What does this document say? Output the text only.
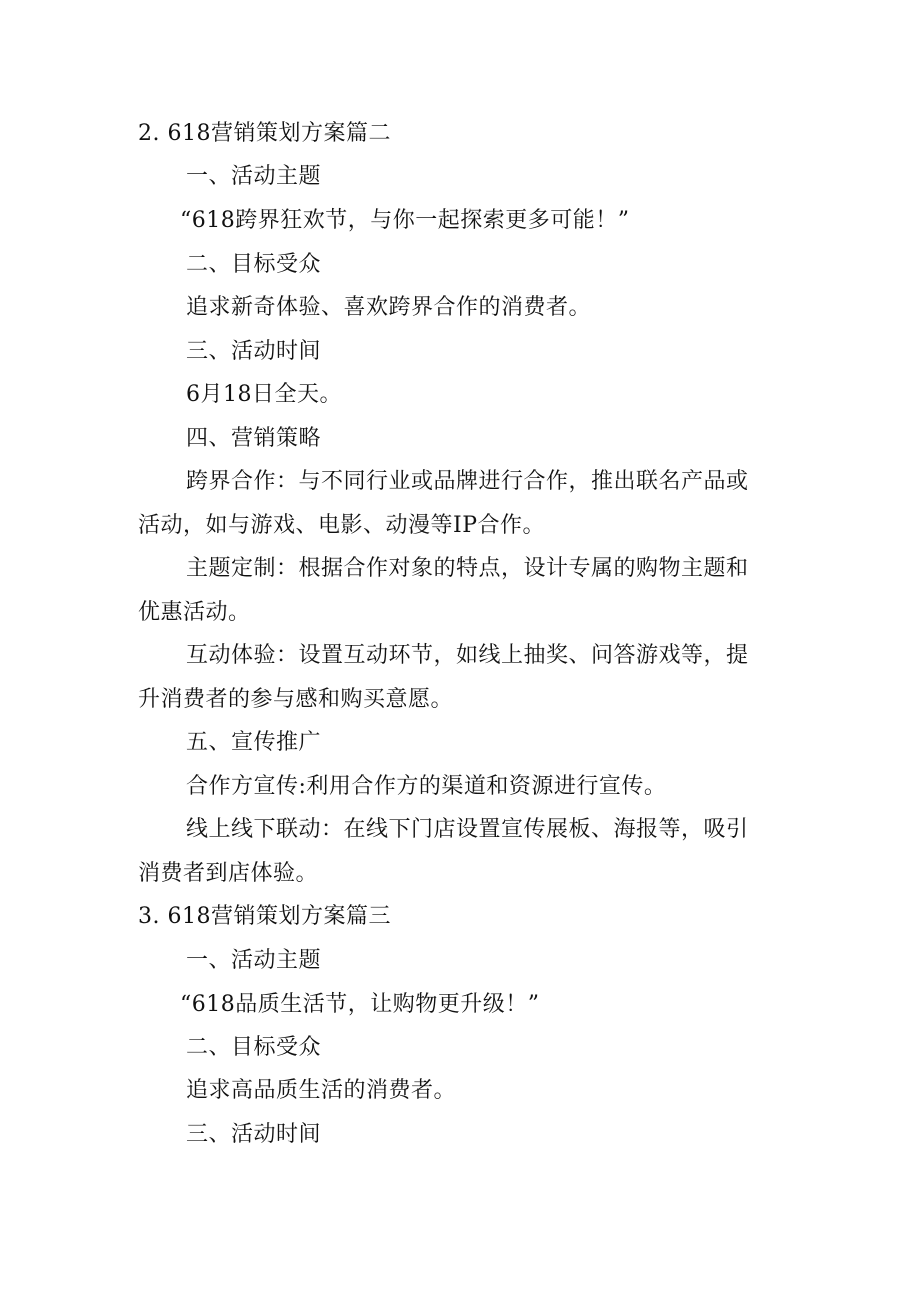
2. 618营销策划方案篇二
一、活动主题
“618跨界狂欢节，与你一起探索更多可能！”
二、目标受众
追求新奇体验、喜欢跨界合作的消费者。
三、活动时间
6月18日全天。
四、营销策略
跨界合作：与不同行业或品牌进行合作，推出联名产品或
活动，如与游戏、电影、动漫等IP合作。
主题定制：根据合作对象的特点，设计专属的购物主题和
优惠活动。
互动体验：设置互动环节，如线上抽奖、问答游戏等，提
升消费者的参与感和购买意愿。
五、宣传推广
合作方宣传:利用合作方的渠道和资源进行宣传。
线上线下联动：在线下门店设置宣传展板、海报等，吸引
消费者到店体验。
3. 618营销策划方案篇三
一、活动主题
“618品质生活节，让购物更升级！”
二、目标受众
追求高品质生活的消费者。
三、活动时间
